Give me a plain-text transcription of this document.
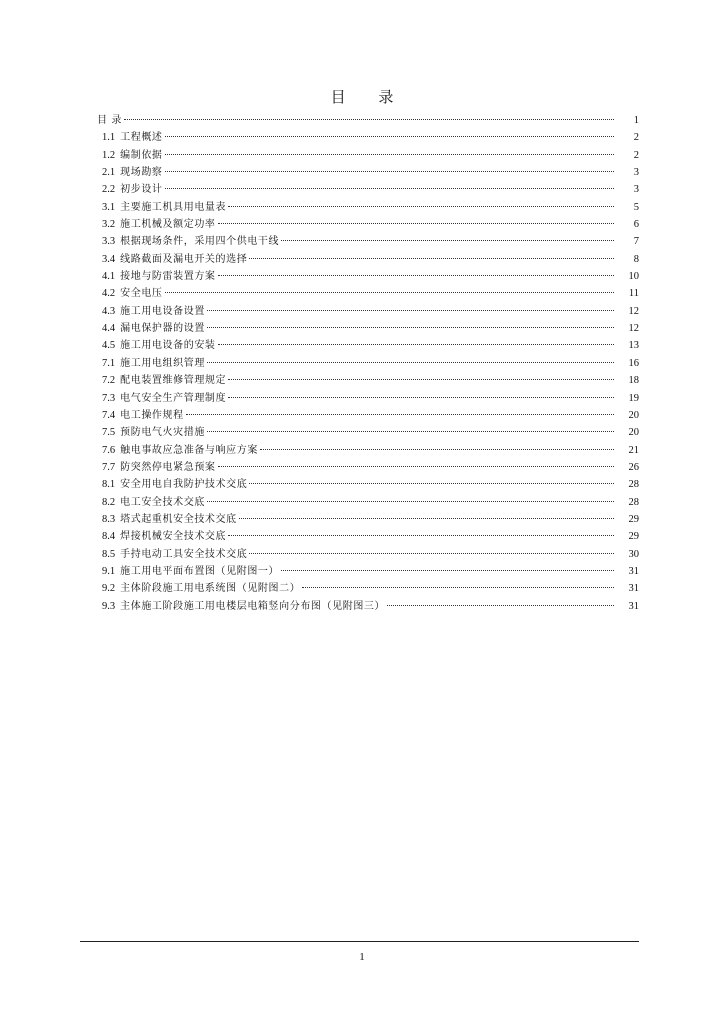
目 录
目 录	1
1.1 工程概述	2
1.2 编制依据	2
2.1 现场勘察	3
2.2 初步设计	3
3.1 主要施工机具用电量表	5
3.2 施工机械及额定功率	6
3.3 根据现场条件，采用四个供电干线	7
3.4 线路截面及漏电开关的选择	8
4.1 接地与防雷装置方案	10
4.2 安全电压	11
4.3 施工用电设备设置	12
4.4 漏电保护器的设置	12
4.5 施工用电设备的安装	13
7.1 施工用电组织管理	16
7.2 配电装置维修管理规定	18
7.3 电气安全生产管理制度	19
7.4 电工操作规程	20
7.5 预防电气火灾措施	20
7.6 触电事故应急准备与响应方案	21
7.7 防突然停电紧急预案	26
8.1 安全用电自我防护技术交底	28
8.2 电工安全技术交底	28
8.3 塔式起重机安全技术交底	29
8.4 焊接机械安全技术交底	29
8.5 手持电动工具安全技术交底	30
9.1 施工用电平面布置图（见附图一）	31
9.2 主体阶段施工用电系统图（见附图二）	31
9.3 主体施工阶段施工用电楼层电箱竖向分布图（见附图三）	31
1
